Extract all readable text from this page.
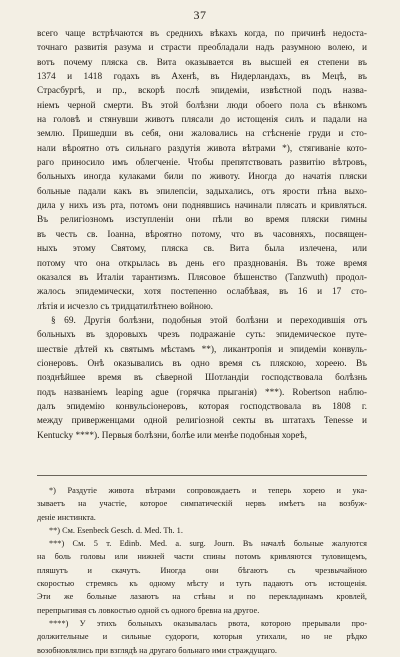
37
всего чаще встрѣчаются въ среднихъ вѣкахъ когда, по причинѣ недоста-
точнаго развитія разума и страсти преобладали надъ разумною волею, и
вотъ почему пляска св. Вита оказывается въ высшей ея степени въ
1374 и 1418 годахъ въ Ахенѣ, въ Нидерландахъ, въ Мецѣ, въ
Страсбургѣ, и пр., вскорѣ послѣ эпидеміи, извѣстной подъ назва-
ніемъ черной смерти. Въ этой болѣзни люди обоего пола съ вѣнкомъ
на головѣ и стянувши животъ плясали до истощенія силъ и падали на
землю. Пришедши въ себя, они жаловались на стѣсненіе груди и сто-
нали вѣроятно отъ сильнаго раздутія живота вѣтрами *), стягиваніе кото-
раго приносило имъ облегченіе. Чтобы препятствовать развитію вѣтровъ,
больныхъ иногда кулаками били по животу. Иногда до начатія пляски
больные падали какъ въ эпилепсіи, задыхались, отъ ярости пѣна выхо-
дила у нихъ изъ рта, потомъ они поднявшись начинали плясать и кривляться.
Въ религіозномъ изступленіи они пѣли во время пляски гимны
въ честь св. Іоанна, вѣроятно потому, что въ часовняхъ, посвящен-
ныхъ этому Святому, пляска св. Вита была излечена, или
потому что она открылась въ день его празднованія. Въ тоже время
оказался въ Италіи тарантизмъ. Плясовое бѣшенство (Tanzwuth) продол-
жалось эпидемически, хотя постепенно ослабѣвая, въ 16 и 17 сто-
лѣтія и исчезло съ тридцатилѣтнею войною.
§ 69. Другія болѣзни, подобныя этой болѣзни и переходившія отъ
больныхъ въ здоровыхъ чрезъ подражаніе суть: эпидемическое путе-
шествіе дѣтей къ святымъ мѣстамъ **), ликантропія и эпидеміи конвуль-
сіонеровъ. Онѣ оказывались въ одно время съ пляскою, хореею. Въ
позднѣйшее время въ сѣверной Шотландіи господствовала болѣзнь
подъ названіемъ leaping ague (горячка прыганія) ***). Robertson наблю-
далъ эпидемію конвульсіонеровъ, которая господствовала въ 1808 г.
между приверженцами одной религіозной секты въ штатахъ Tenesse и
Kentucky ****). Первыя болѣзни, болѣе или менѣе подобныя хореѣ,
*) Раздутіе живота вѣтрами сопровождаетъ и теперь хорею и ука-
зываетъ на участіе, которое симпатическій нервъ имѣетъ на возбуж-
деніе инстинкта.
**) См. Esenbeck Gesch. d. Med. Th. 1.
***) См. 5 т. Edinb. Med. a. surg. Journ. Въ началѣ больные жалуются
на боль головы или нижней части спины потомъ кривляются туловищемъ,
пляшутъ и скачутъ. Иногда они бѣгаютъ съ чрезвычайною
скоростью стремясь къ одному мѣсту и тутъ падаютъ отъ истощенія.
Эти же больные лазаютъ на стѣны и по перекладинамъ кровлей,
перепрыгивая съ ловкостью одной съ одного бревна на другое.
****) У этихъ больныхъ оказывалась рвота, которою прерывали про-
должительные и сильные судороги, которыя утихали, но не рѣдко
возобновлялись при взглядѣ на другаго больнаго ими страждущаго.
